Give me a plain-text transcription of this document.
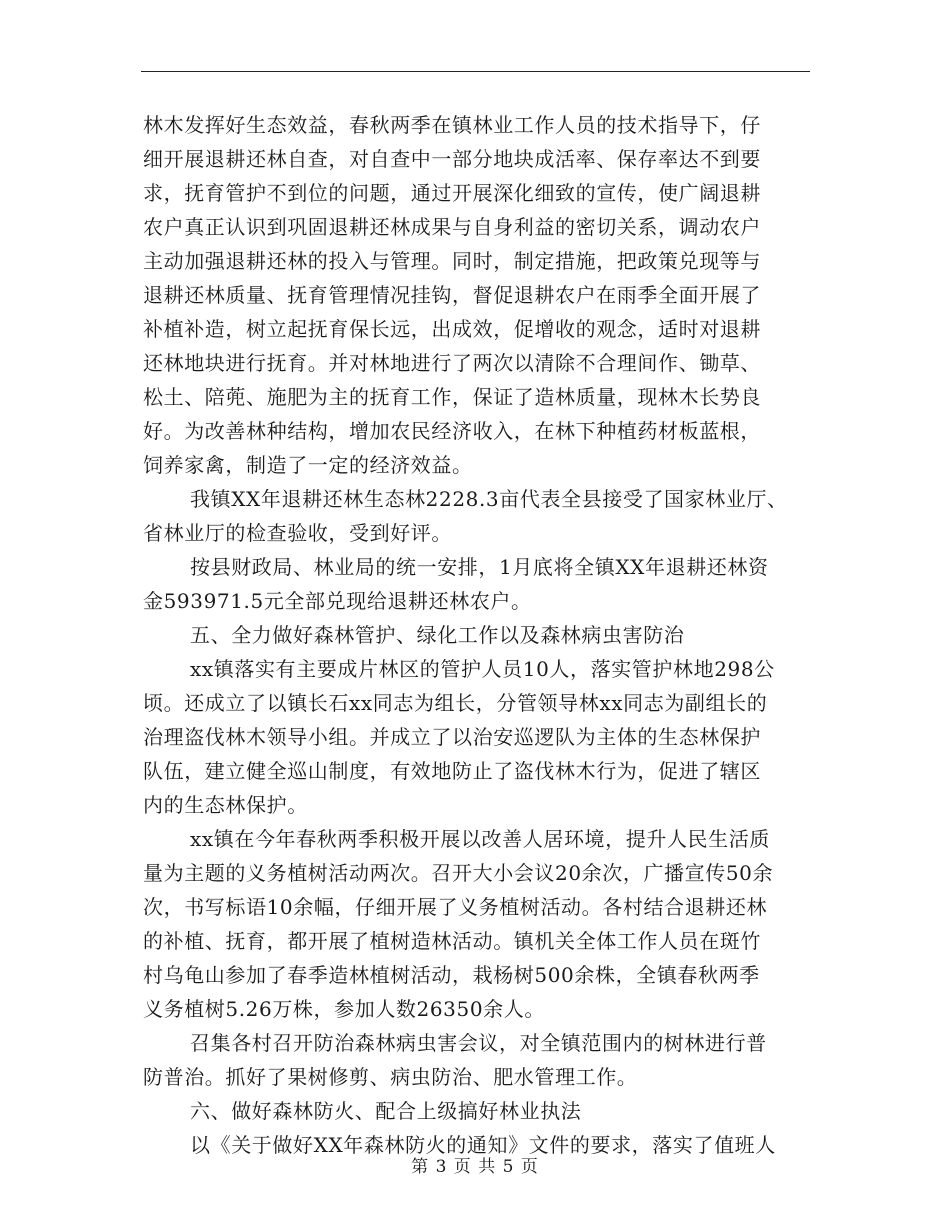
林木发挥好生态效益，春秋两季在镇林业工作人员的技术指导下，仔
细开展退耕还林自查，对自查中一部分地块成活率、保存率达不到要
求，抚育管护不到位的问题，通过开展深化细致的宣传，使广阔退耕
农户真正认识到巩固退耕还林成果与自身利益的密切关系，调动农户
主动加强退耕还林的投入与管理。同时，制定措施，把政策兑现等与
退耕还林质量、抚育管理情况挂钩，督促退耕农户在雨季全面开展了
补植补造，树立起抚育保长远，出成效，促增收的观念，适时对退耕
还林地块进行抚育。并对林地进行了两次以清除不合理间作、锄草、
松土、陪蔸、施肥为主的抚育工作，保证了造林质量，现林木长势良
好。为改善林种结构，增加农民经济收入，在林下种植药材板蓝根，
饲养家禽，制造了一定的经济效益。
我镇XX年退耕还林生态林2228.3亩代表全县接受了国家林业厅、
省林业厅的检查验收，受到好评。
按县财政局、林业局的统一安排，1月底将全镇XX年退耕还林资
金593971.5元全部兑现给退耕还林农户。
五、全力做好森林管护、绿化工作以及森林病虫害防治
xx镇落实有主要成片林区的管护人员10人，落实管护林地298公
顷。还成立了以镇长石xx同志为组长，分管领导林xx同志为副组长的
治理盗伐林木领导小组。并成立了以治安巡逻队为主体的生态林保护
队伍，建立健全巡山制度，有效地防止了盗伐林木行为，促进了辖区
内的生态林保护。
xx镇在今年春秋两季积极开展以改善人居环境，提升人民生活质
量为主题的义务植树活动两次。召开大小会议20余次，广播宣传50余
次，书写标语10余幅，仔细开展了义务植树活动。各村结合退耕还林
的补植、抚育，都开展了植树造林活动。镇机关全体工作人员在斑竹
村乌龟山参加了春季造林植树活动，栽杨树500余株，全镇春秋两季
义务植树5.26万株，参加人数26350余人。
召集各村召开防治森林病虫害会议，对全镇范围内的树林进行普
防普治。抓好了果树修剪、病虫防治、肥水管理工作。
六、做好森林防火、配合上级搞好林业执法
以《关于做好XX年森林防火的通知》文件的要求，落实了值班人
第 3 页 共 5 页
